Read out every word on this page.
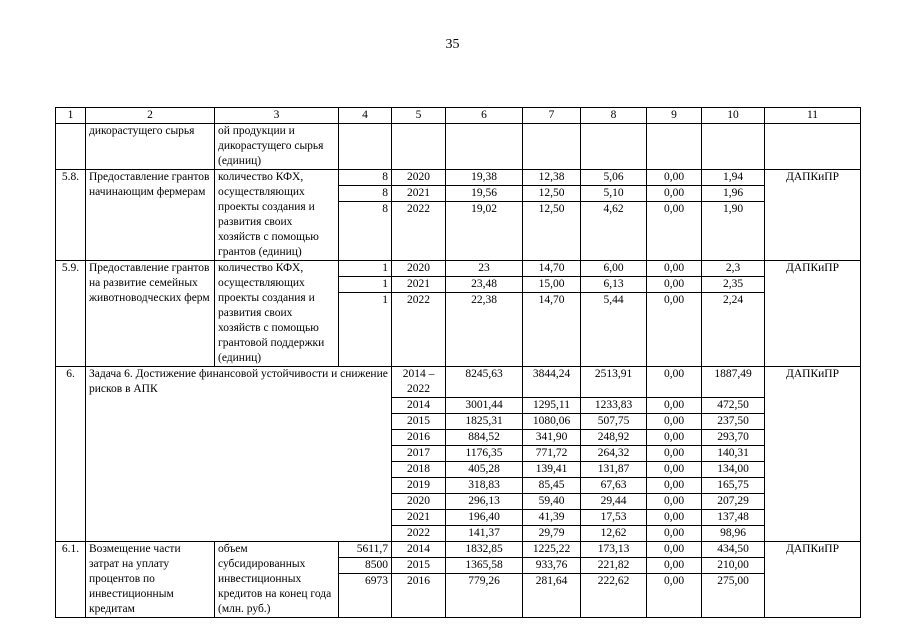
35
1	2	3	4	5	6	7	8	9	10	11
	дикорастущего сырья	ой продукции и дикорастущего сырья (единиц)								
5.8.	Предоставление грантов начинающим фермерам	количество КФХ, осуществляющих проекты создания и развития своих хозяйств с помощью грантов (единиц)	8	2020	19,38	12,38	5,06	0,00	1,94	ДАПКиПР
			8	2021	19,56	12,50	5,10	0,00	1,96	
			8	2022	19,02	12,50	4,62	0,00	1,90	
5.9.	Предоставление грантов на развитие семейных животноводческих ферм	количество КФХ, осуществляющих проекты создания и развития своих хозяйств с помощью грантовой поддержки (единиц)	1	2020	23	14,70	6,00	0,00	2,3	ДАПКиПР
			1	2021	23,48	15,00	6,13	0,00	2,35	
			1	2022	22,38	14,70	5,44	0,00	2,24	
6.	Задача 6. Достижение финансовой устойчивости и снижение рисков в АПК			2014 – 2022	8245,63	3844,24	2513,91	0,00	1887,49	ДАПКиПР
				2014	3001,44	1295,11	1233,83	0,00	472,50	
				2015	1825,31	1080,06	507,75	0,00	237,50	
				2016	884,52	341,90	248,92	0,00	293,70	
				2017	1176,35	771,72	264,32	0,00	140,31	
				2018	405,28	139,41	131,87	0,00	134,00	
				2019	318,83	85,45	67,63	0,00	165,75	
				2020	296,13	59,40	29,44	0,00	207,29	
				2021	196,40	41,39	17,53	0,00	137,48	
				2022	141,37	29,79	12,62	0,00	98,96	
6.1.	Возмещение части затрат на уплату процентов по инвестиционным кредитам	объем субсидированных инвестиционных кредитов на конец года (млн. руб.)	5611,7	2014	1832,85	1225,22	173,13	0,00	434,50	ДАПКиПР
			8500	2015	1365,58	933,76	221,82	0,00	210,00	
			6973	2016	779,26	281,64	222,62	0,00	275,00	
